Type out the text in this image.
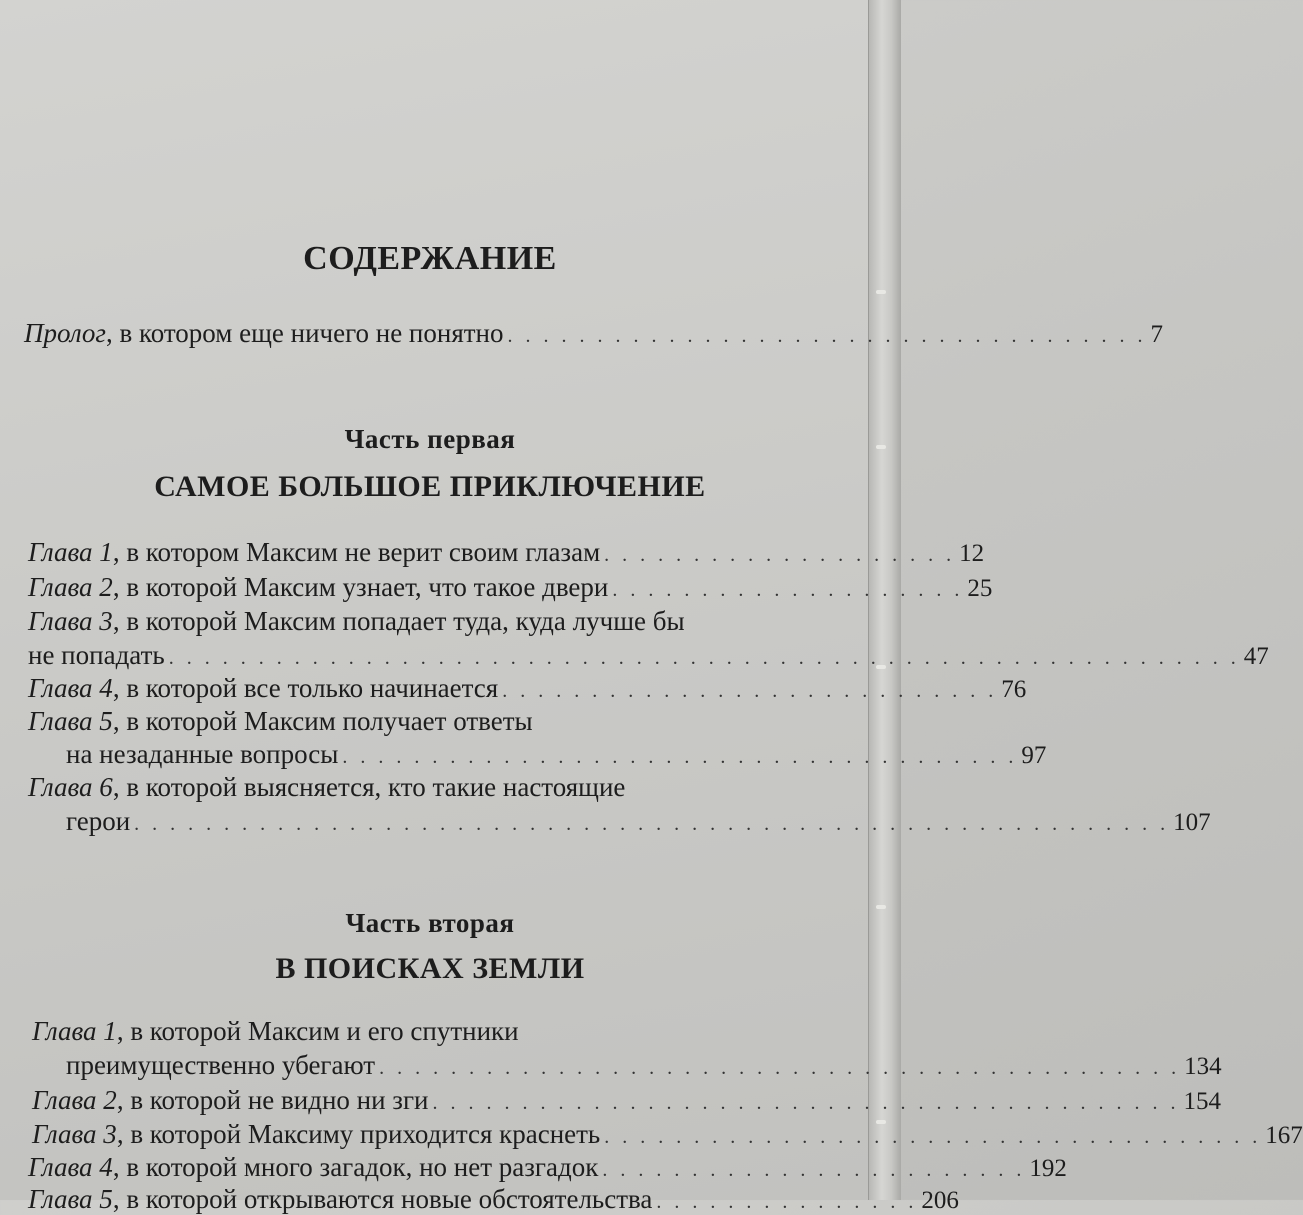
СОДЕРЖАНИЕ
Пролог , в котором еще ничего не понятно . . . . . . . . . . . . . . . . . . . . . . . . . . . . . . . . . . . . 7
Часть первая
САМОЕ БОЛЬШОЕ ПРИКЛЮЧЕНИЕ
Глава 1 , в котором Максим не верит своим глазам . . . . . . . . . . . . . . . . . . . . 12
Глава 2 , в которой Максим узнает, что такое двери . . . . . . . . . . . . . . . . . . . . 25
Глава 3, в которой Максим попадает туда, куда лучше бы
не попадать . . . . . . . . . . . . . . . . . . . . . . . . . . . . . . . . . . . . . . . . . . . . . . . . . . . . . . . . . . . . 47
Глава 4 , в которой все только начинается . . . . . . . . . . . . . . . . . . . . . . . . . . . . 76
Глава 5, в которой Максим получает ответы
на незаданные вопросы . . . . . . . . . . . . . . . . . . . . . . . . . . . . . . . . . . . . . . 97
Глава 6, в которой выясняется, кто такие настоящие
герои . . . . . . . . . . . . . . . . . . . . . . . . . . . . . . . . . . . . . . . . . . . . . . . . . . . . . . . . . . 107
Часть вторая
В ПОИСКАХ ЗЕМЛИ
Глава 1, в которой Максим и его спутники
преимущественно убегают . . . . . . . . . . . . . . . . . . . . . . . . . . . . . . . . . . . . . . . . . . . . . 134
Глава 2 , в которой не видно ни зги . . . . . . . . . . . . . . . . . . . . . . . . . . . . . . . . . . . . . . . . . . 154
Глава 3 , в которой Максиму приходится краснеть . . . . . . . . . . . . . . . . . . . . . . . . . . . . . . . . . . . . . 167
Глава 4 , в которой много загадок, но нет разгадок . . . . . . . . . . . . . . . . . . . . . . . . 192
Глава 5 , в которой открываются новые обстоятельства . . . . . . . . . . . . . . . 206
